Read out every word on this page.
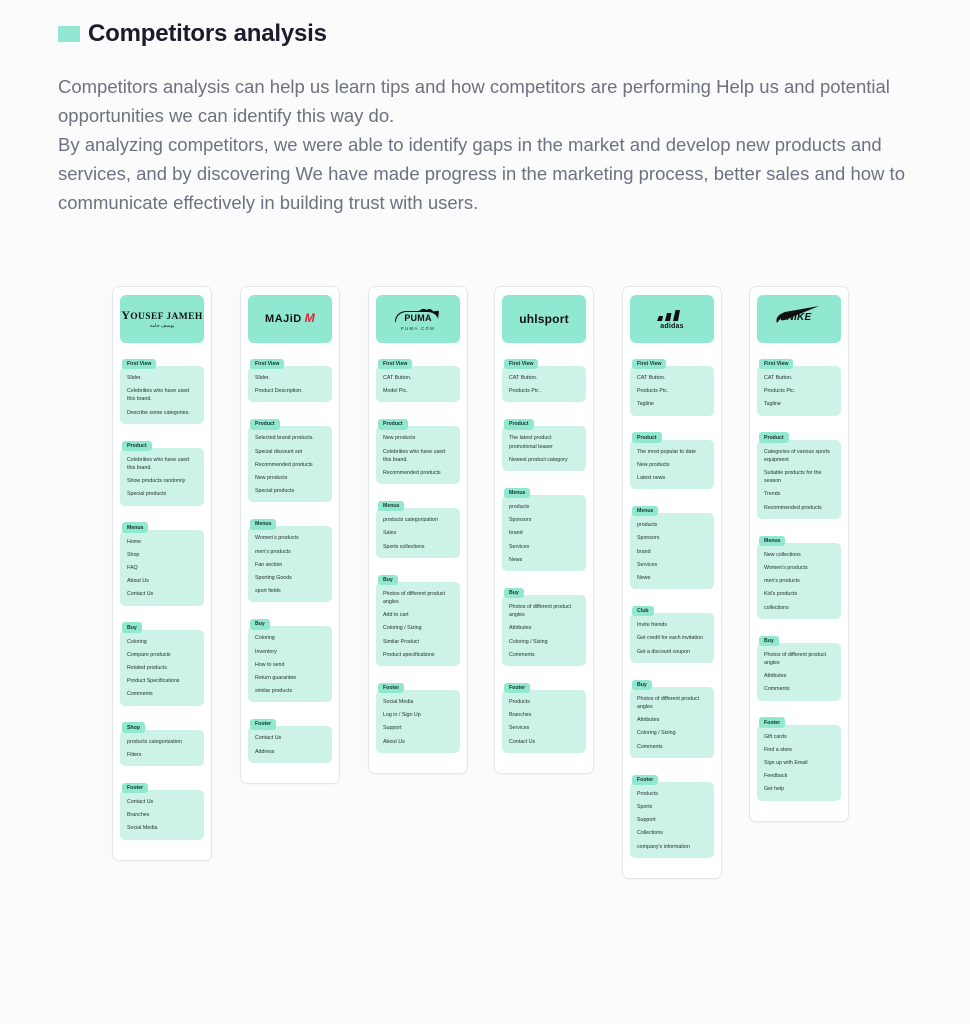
Competitors analysis

Competitors analysis can help us learn tips and how competitors are performing Help us and potential opportunities we can identify this way do.

By analyzing competitors, we were able to identify gaps in the market and develop new products and services, and by discovering We have made progress in the marketing process, better sales and how to communicate effectively in building trust with users.

YOUSEF JAMEH
يوسف جامه
First View
Slider.
Celebrities who have used this brand.
Describe some categories.
Product
Celebrities who have used this brand.
Show products randomly
Special products
Menus
Home
Shop
FAQ
About Us
Contact Us
Buy
Coloring
Compare products
Related products
Product Specifications
Comments
Shop
products categorization
Filters
Footer
Contact Us
Branches
Social Media
MAJiD M
First View
Slider.
Product Description.
Product
Selected brand products.
Special discount set
Recommended products
New products
Special products
Menus
Women's products
men's products
Fan section
Sporting Goods
sport fields
Buy
Coloring
Inventory
How to send
Return guarantee
similar products
Footer
Contact Us
Address
PUMA
PUMA.COM
First View
CAT Button.
Model Pic.
Product
New products
Celebrities who have used this brand.
Recommended products
Menus
products categorization
Sales
Sports collections
Buy
Photos of different product angles
Add to cart
Coloring / Sizing
Similar Product
Product specifications
Footer
Social Media
Log in / Sign Up
Support
About Us
uhlsport
First View
CAT Button.
Products Pic .
Product
The latest product promotional teaser
Newest product category
Menus
products
Sponsors
brand
Services
News
Buy
Photos of different product angles
Attributes
Coloring / Sizing
Comments
Footer
Products
Branches
Services
Contact Us
adidas
First View
CAT Button.
Products Pic.
Tagline
Product
The most popular to date
New products
Latest news
Menus
products
Sponsors
brand
Services
News
Club
Invite friends
Get credit for each invitation
Get a discount coupon
Buy
Photos of different product angles
Attributes
Coloring / Sizing
Comments
Footer
Products
Sports
Support
Collections
company's information
NIKE
First View
CAT Button.
Products Pic.
Tagline
Product
Categories of various sports equipment
Suitable products for the season
Trends
Recommended products
Menus
New collections
Women's products
men's products
Kid's products
collections
Buy
Photos of different product angles
Attributes
Comments
Footer
Gift cards
Find a store
Sign up with Email
Feedback
Get help
